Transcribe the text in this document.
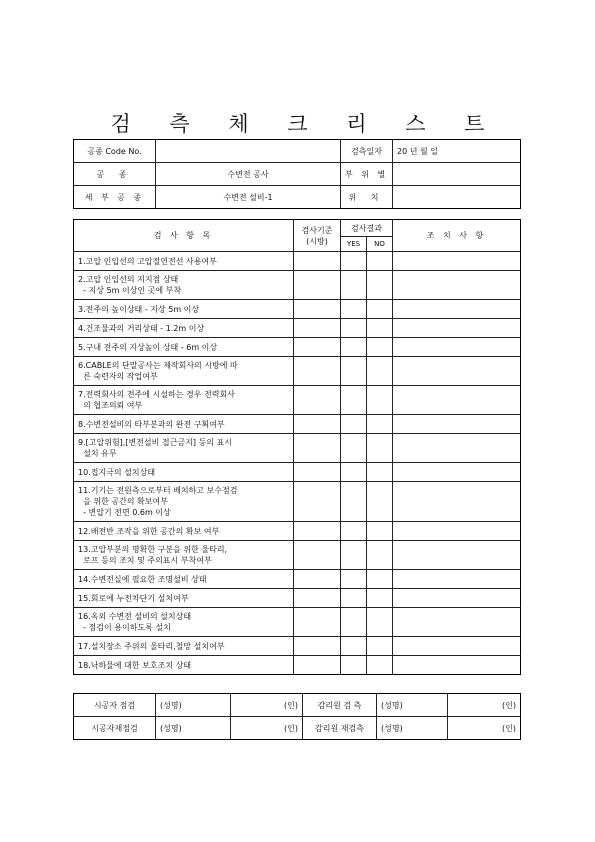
검 측 체 크 리 스 트
공종 Code No.		검측일자	20 년 월 일
공 종	수변전 공사	부 위 별	
세 부 공 종	수변전 설비-1	위 치	
검 사 항 목	검사기준 (시방)	검사결과		조 치 사 항
		YES	NO	

1.고압 인입선의 고압절연전선 사용여부				

2.고압 인입선의 지지점 상태
- 지상 5m 이상인 곳에 부착				

3.전주의 높이상태 - 지상 5m 이상				

4.건조물과의 거리상태 - 1.2m 이상				

5.구내 전주의 지상높이 상태 - 6m 이상				

6.CABLE의 단말공사는 제작회사의 시방에 따
른 숙련자의 작업여부				

7.전력회사의 전주에 시설하는 경우 전력회사
의 협조의뢰 여부				

8.수변전설비의 타부분과의 완전 구획여부				

9.[고압위험],[변전설비 접근금지] 등의 표시
설치 유무				

10.접지극의 설치상태				

11.기기는 전원측으로부터 배치하고 보수점검
을 위한 공간의 확보여부
- 변압기 전면 0.6m 이상				

12.배전반 조작을 위한 공간의 확보 여부				

13.고압부분의 명확한 구분을 위한 울타리,
로프 등의 조치 및 주의표시 부착여부				

14.수변전실에 필요한 조명설비 상태				

15.회로에 누전차단기 설치여부				

16.옥외 수변전 설비의 설치상태
- 점검이 용이하도록 설치				

17.설치장소 주위의 울타리,철망 설치여부				

18.낙하물에 대한 보호조치 상태				

시공자 점검	(성명)	(인)	감리원 검 측	(성명)	(인)
시공자재점검	(성명)	(인)	감리원 재검측	(성명)	(인)
